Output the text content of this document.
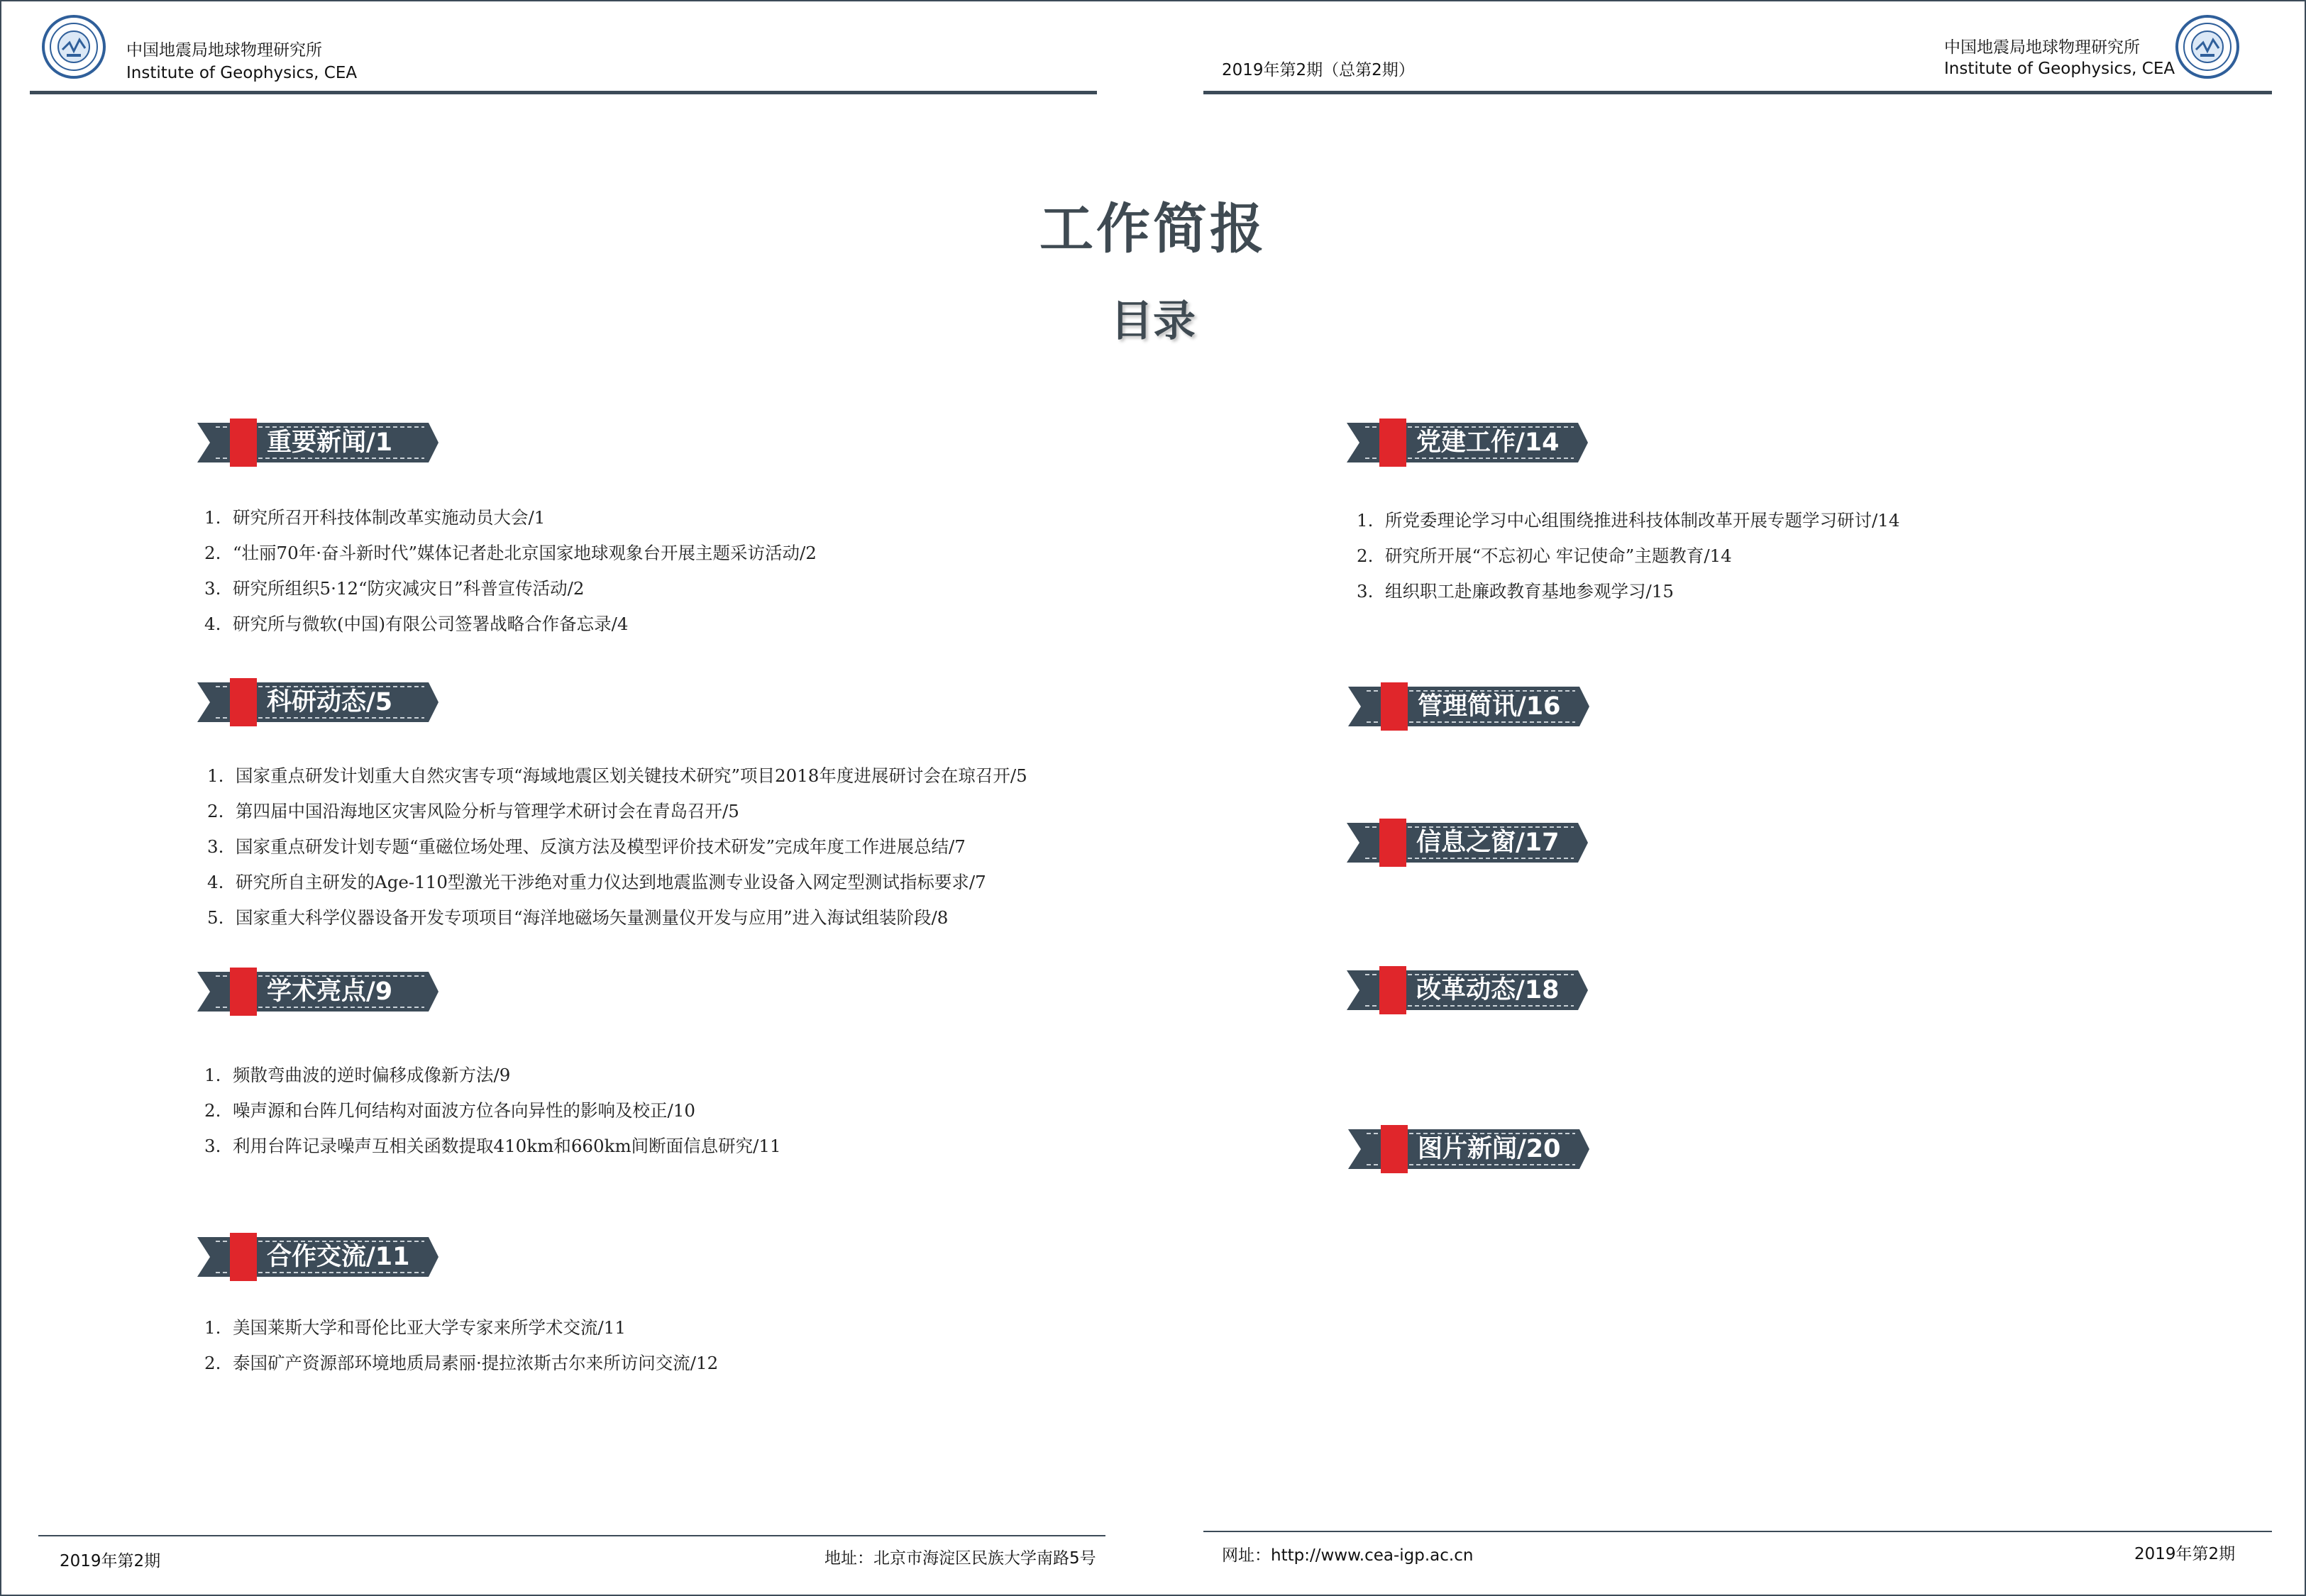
中国地震局地球物理研究所
Institute of Geophysics, CEA	2019年第2期（总第2期）
中国地震局地球物理研究所
Institute of Geophysics, CEA
工作简报
目录
重要新闻/1
科研动态/5
学术亮点/9
合作交流/11
党建工作/14
管理简讯/16
信息之窗/17
改革动态/18
图片新闻/20
1. 研究所召开科技体制改革实施动员大会/1
2. “壮丽70年·奋斗新时代”媒体记者赴北京国家地球观象台开展主题采访活动/2
3. 研究所组织5·12“防灾减灾日”科普宣传活动/2
4. 研究所与微软(中国)有限公司签署战略合作备忘录/4
1. 国家重点研发计划重大自然灾害专项“海域地震区划关键技术研究”项目2018年度进展研讨会在琼召开/5
2. 第四届中国沿海地区灾害风险分析与管理学术研讨会在青岛召开/5
3. 国家重点研发计划专题“重磁位场处理、反演方法及模型评价技术研发”完成年度工作进展总结/7
4. 研究所自主研发的Age-110型激光干涉绝对重力仪达到地震监测专业设备入网定型测试指标要求/7
5. 国家重大科学仪器设备开发专项项目“海洋地磁场矢量测量仪开发与应用”进入海试组装阶段/8
1. 频散弯曲波的逆时偏移成像新方法/9
2. 噪声源和台阵几何结构对面波方位各向异性的影响及校正/10
3. 利用台阵记录噪声互相关函数提取410km和660km间断面信息研究/11
1. 美国莱斯大学和哥伦比亚大学专家来所学术交流/11
2. 泰国矿产资源部环境地质局素丽·提拉浓斯古尔来所访问交流/12
1. 所党委理论学习中心组围绕推进科技体制改革开展专题学习研讨/14
2. 研究所开展“不忘初心 牢记使命”主题教育/14
3. 组织职工赴廉政教育基地参观学习/15
2019年第2期	地址：北京市海淀区民族大学南路5号	网址：http://www.cea-igp.ac.cn	2019年第2期
